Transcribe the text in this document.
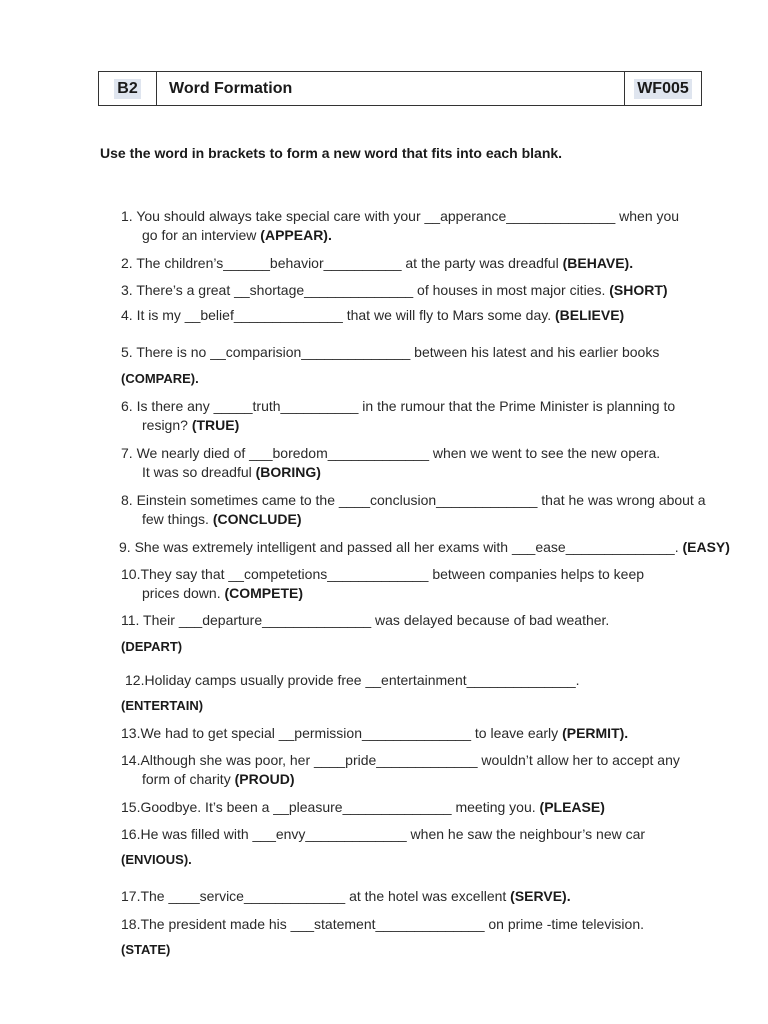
B2 Word Formation	WF005
Use the word in brackets to form a new word that fits into each blank.
1. You should always take special care with your __apperance______________ when you
go for an interview (APPEAR).
2. The children’s______behavior__________ at the party was dreadful (BEHAVE).
3. There’s a great __shortage______________ of houses in most major cities. (SHORT)
4. It is my __belief______________ that we will fly to Mars some day. (BELIEVE)
5. There is no __comparision______________ between his latest and his earlier books
(COMPARE).
6. Is there any _____truth__________ in the rumour that the Prime Minister is planning to
resign? (TRUE)
7. We nearly died of ___boredom_____________ when we went to see the new opera.
It was so dreadful (BORING)
8. Einstein sometimes came to the ____conclusion_____________ that he was wrong about a
few things. (CONCLUDE)
9. She was extremely intelligent and passed all her exams with ___ease______________. (EASY)
10.They say that __competetions_____________ between companies helps to keep
prices down. (COMPETE)
11. Their ___departure______________ was delayed because of bad weather.
(DEPART)
12.Holiday camps usually provide free __entertainment______________.
(ENTERTAIN)
13.We had to get special __permission______________ to leave early (PERMIT).
14.Although she was poor, her ____pride_____________ wouldn’t allow her to accept any
form of charity (PROUD)
15.Goodbye. It’s been a __pleasure______________ meeting you. (PLEASE)
16.He was filled with ___envy_____________ when he saw the neighbour’s new car
(ENVIOUS).
17.The ____service_____________ at the hotel was excellent (SERVE).
18.The president made his ___statement______________ on prime -time television.
(STATE)
